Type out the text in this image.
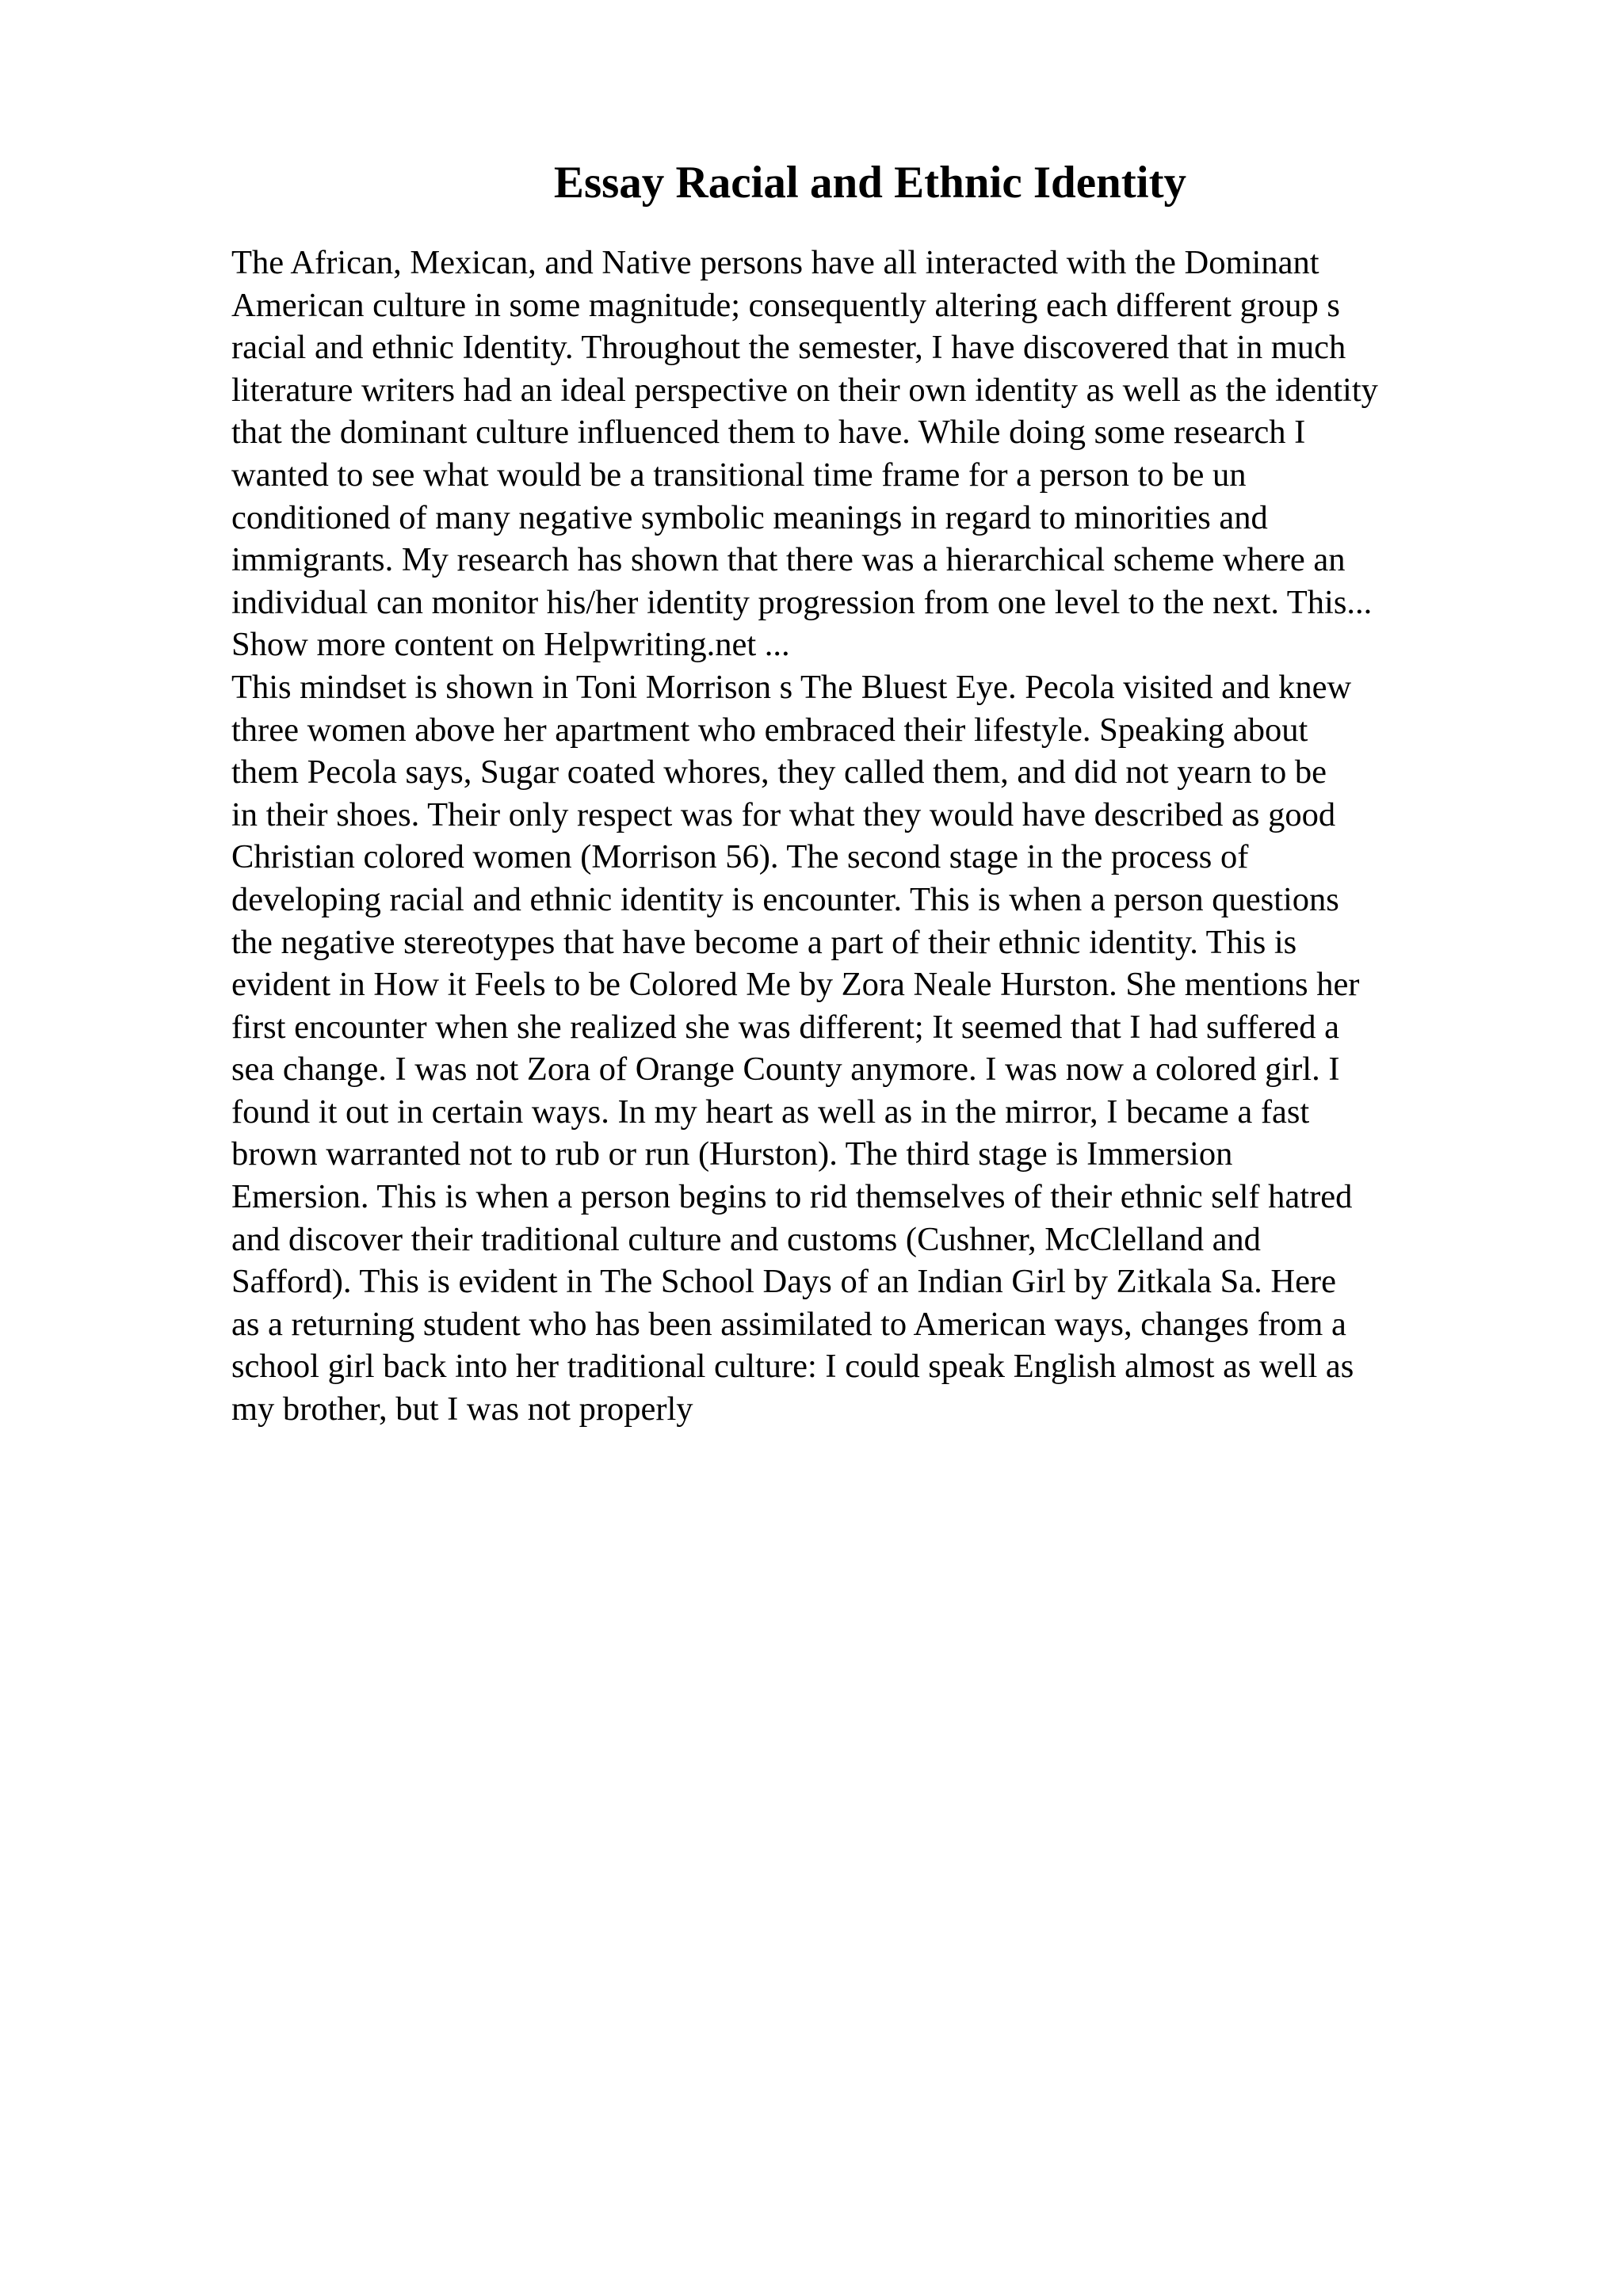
Essay Racial and Ethnic Identity
The African, Mexican, and Native persons have all interacted with the Dominant
American culture in some magnitude; consequently altering each different group s
racial and ethnic Identity. Throughout the semester, I have discovered that in much
literature writers had an ideal perspective on their own identity as well as the identity
that the dominant culture influenced them to have. While doing some research I
wanted to see what would be a transitional time frame for a person to be un
conditioned of many negative symbolic meanings in regard to minorities and
immigrants. My research has shown that there was a hierarchical scheme where an
individual can monitor his/her identity progression from one level to the next. This...
Show more content on Helpwriting.net ...
This mindset is shown in Toni Morrison s The Bluest Eye. Pecola visited and knew
three women above her apartment who embraced their lifestyle. Speaking about
them Pecola says, Sugar coated whores, they called them, and did not yearn to be
in their shoes. Their only respect was for what they would have described as good
Christian colored women (Morrison 56). The second stage in the process of
developing racial and ethnic identity is encounter. This is when a person questions
the negative stereotypes that have become a part of their ethnic identity. This is
evident in How it Feels to be Colored Me by Zora Neale Hurston. She mentions her
first encounter when she realized she was different; It seemed that I had suffered a
sea change. I was not Zora of Orange County anymore. I was now a colored girl. I
found it out in certain ways. In my heart as well as in the mirror, I became a fast
brown warranted not to rub or run (Hurston). The third stage is Immersion
Emersion. This is when a person begins to rid themselves of their ethnic self hatred
and discover their traditional culture and customs (Cushner, McClelland and
Safford). This is evident in The School Days of an Indian Girl by Zitkala Sa. Here
as a returning student who has been assimilated to American ways, changes from a
school girl back into her traditional culture: I could speak English almost as well as
my brother, but I was not properly
